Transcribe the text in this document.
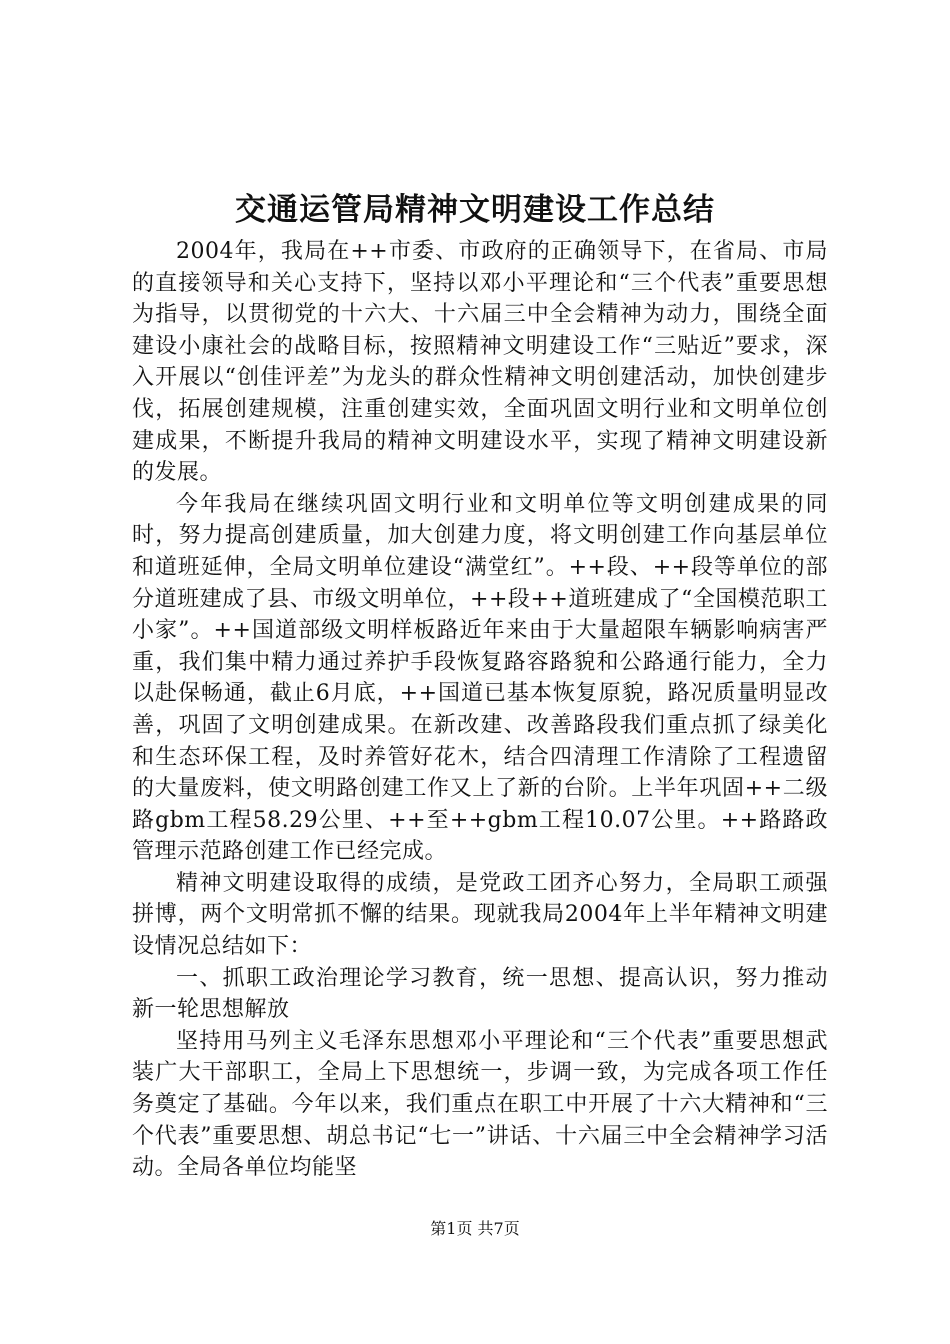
交通运管局精神文明建设工作总结

2004年，我局在++市委、市政府的正确领导下，在省局、市局的直接领导和关心支持下，坚持以邓小平理论和“三个代表”重要思想为指导，以贯彻党的十六大、十六届三中全会精神为动力，围绕全面建设小康社会的战略目标，按照精神文明建设工作“三贴近”要求，深入开展以“创佳评差”为龙头的群众性精神文明创建活动，加快创建步伐，拓展创建规模，注重创建实效，全面巩固文明行业和文明单位创建成果，不断提升我局的精神文明建设水平，实现了精神文明建设新的发展。

今年我局在继续巩固文明行业和文明单位等文明创建成果的同时，努力提高创建质量，加大创建力度，将文明创建工作向基层单位和道班延伸，全局文明单位建设“满堂红”。++段、++段等单位的部分道班建成了县、市级文明单位，++段++道班建成了“全国模范职工小家”。++国道部级文明样板路近年来由于大量超限车辆影响病害严重，我们集中精力通过养护手段恢复路容路貌和公路通行能力，全力以赴保畅通，截止6月底，++国道已基本恢复原貌，路况质量明显改善，巩固了文明创建成果。在新改建、改善路段我们重点抓了绿美化和生态环保工程，及时养管好花木，结合四清理工作清除了工程遗留的大量废料，使文明路创建工作又上了新的台阶。上半年巩固++二级路gbm工程58.29公里、++至++gbm工程10.07公里。++路路政管理示范路创建工作已经完成。

精神文明建设取得的成绩，是党政工团齐心努力，全局职工顽强拼博，两个文明常抓不懈的结果。现就我局2004年上半年精神文明建设情况总结如下：

一、抓职工政治理论学习教育，统一思想、提高认识，努力推动新一轮思想解放

坚持用马列主义毛泽东思想邓小平理论和“三个代表”重要思想武装广大干部职工，全局上下思想统一，步调一致，为完成各项工作任务奠定了基础。今年以来，我们重点在职工中开展了十六大精神和“三个代表”重要思想、胡总书记“七一”讲话、十六届三中全会精神学习活动。全局各单位均能坚

第1页 共7页
